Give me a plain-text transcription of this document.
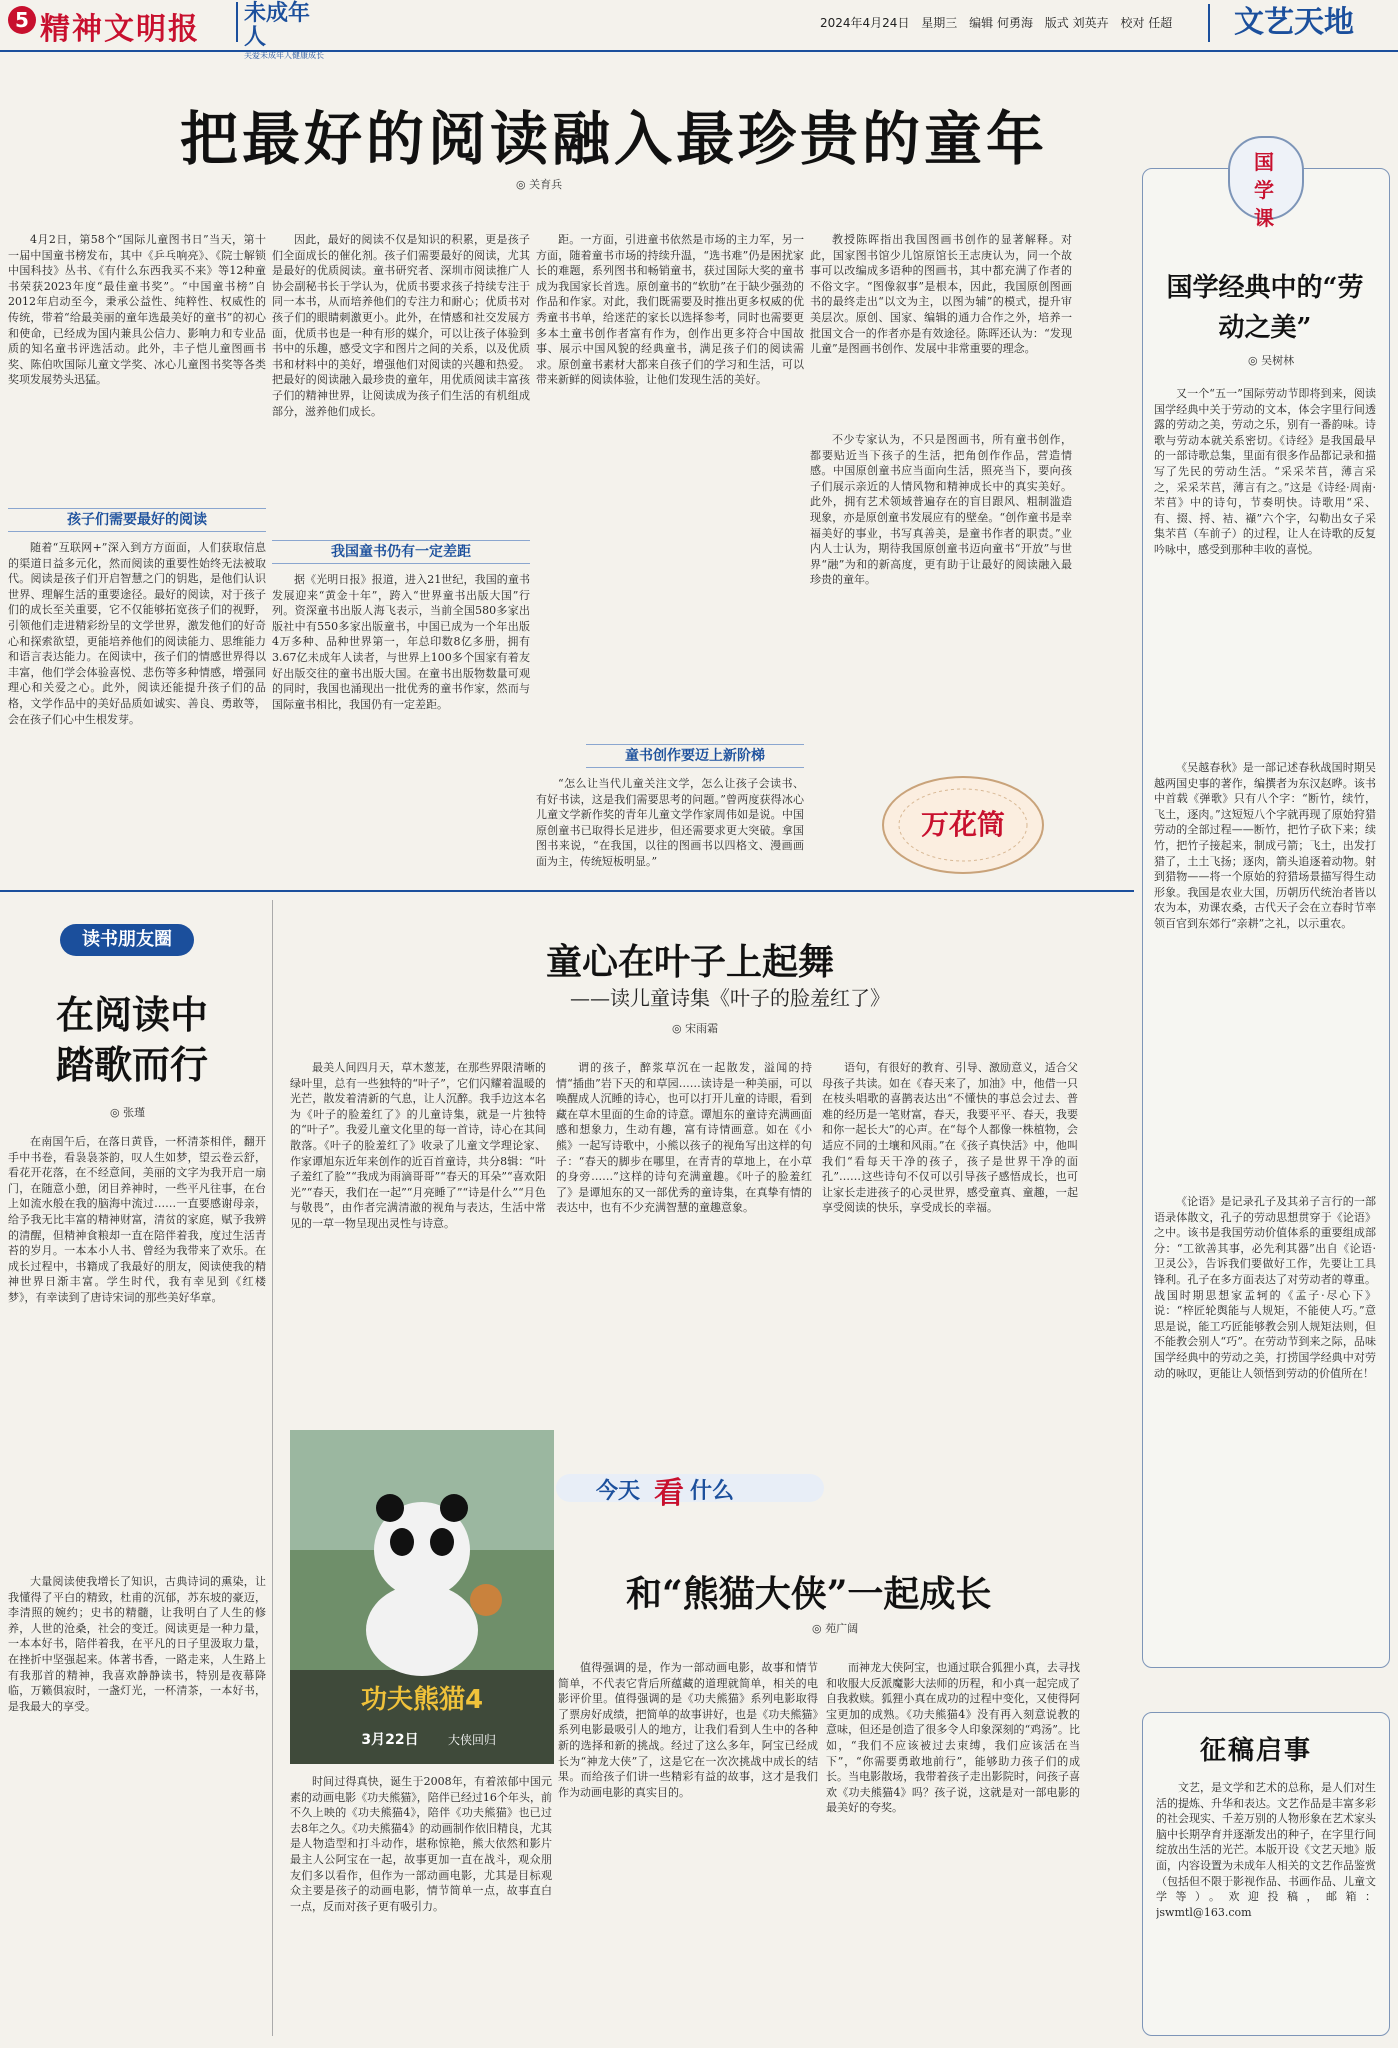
5 精神文明报 未成年人
关爱未成年人健康成长
2024年4月24日 星期三 编辑 何勇海 版式 刘英卉 校对 任超	文艺天地
把最好的阅读融入最珍贵的童年
◎ 关育兵

4月2日，第58个“国际儿童图书日”当天，第十一届中国童书榜发布，其中《乒乓响亮》、《院士解锁中国科技》丛书、《有什么东西我买不来》等12种童书荣获2023年度“最佳童书奖”。“中国童书榜”自2012年启动至今，秉承公益性、纯粹性、权威性的传统，带着“给最美丽的童年选最美好的童书”的初心和使命，已经成为国内兼具公信力、影响力和专业品质的知名童书评选活动。此外，丰子恺儿童图画书奖、陈伯吹国际儿童文学奖、冰心儿童图书奖等各类奖项发展势头迅猛。

孩子们需要最好的阅读

随着“互联网+”深入到方方面面，人们获取信息的渠道日益多元化，然而阅读的重要性始终无法被取代。阅读是孩子们开启智慧之门的钥匙，是他们认识世界、理解生活的重要途径。最好的阅读，对于孩子们的成长至关重要，它不仅能够拓宽孩子们的视野，引领他们走进精彩纷呈的文学世界，激发他们的好奇心和探索欲望，更能培养他们的阅读能力、思维能力和语言表达能力。在阅读中，孩子们的情感世界得以丰富，他们学会体验喜悦、悲伤等多种情感，增强同理心和关爱之心。此外，阅读还能提升孩子们的品格，文学作品中的美好品质如诚实、善良、勇敢等，会在孩子们心中生根发芽。

因此，最好的阅读不仅是知识的积累，更是孩子们全面成长的催化剂。孩子们需要最好的阅读，尤其是最好的优质阅读。童书研究者、深圳市阅读推广人协会副秘书长于学认为，优质书要求孩子持续专注于同一本书，从而培养他们的专注力和耐心；优质书对孩子们的眼睛刺激更小。此外，在情感和社交发展方面，优质书也是一种有形的媒介，可以让孩子体验到书中的乐趣，感受文字和图片之间的关系，以及优质书和材料中的美好，增强他们对阅读的兴趣和热爱。把最好的阅读融入最珍贵的童年，用优质阅读丰富孩子们的精神世界，让阅读成为孩子们生活的有机组成部分，滋养他们成长。

我国童书仍有一定差距

据《光明日报》报道，进入21世纪，我国的童书发展迎来“黄金十年”，跨入“世界童书出版大国”行列。资深童书出版人海飞表示，当前全国580多家出版社中有550多家出版童书，中国已成为一个年出版4万多种、品种世界第一，年总印数8亿多册，拥有3.67亿未成年人读者，与世界上100多个国家有着友好出版交往的童书出版大国。在童书出版物数量可观的同时，我国也涌现出一批优秀的童书作家，然而与国际童书相比，我国仍有一定差距。

距。一方面，引进童书依然是市场的主力军，另一方面，随着童书市场的持续升温，“选书难”仍是困扰家长的难题，系列图书和畅销童书，获过国际大奖的童书成为我国家长首选。原创童书的“软肋”在于缺少强劲的作品和作家。对此，我们既需要及时推出更多权威的优秀童书书单，给迷茫的家长以选择参考，同时也需要更多本土童书创作者富有作为，创作出更多符合中国故事、展示中国风貌的经典童书，满足孩子们的阅读需求。原创童书素材大都来自孩子们的学习和生活，可以带来新鲜的阅读体验，让他们发现生活的美好。

童书创作要迈上新阶梯

“怎么让当代儿童关注文学，怎么让孩子会读书、有好书读，这是我们需要思考的问题。”曾两度获得冰心儿童文学新作奖的青年儿童文学作家周伟如是说。中国原创童书已取得长足进步，但还需要求更大突破。拿国图书来说，“在我国，以往的图画书以四格文、漫画画面为主，传统短板明显。”

教授陈晖指出我国图画书创作的显著解释。对此，国家图书馆少儿馆原馆长王志庚认为，同一个故事可以改编成多语种的图画书，其中都充满了作者的不俗文字。“图像叙事”是根本，因此，我国原创图画书的最终走出“以文为主，以图为辅”的模式，提升审美层次。原创、国家、编辑的通力合作之外，培养一批国文合一的作者亦是有效途径。陈晖还认为：“发现儿童”是图画书创作、发展中非常重要的理念。

不少专家认为，不只是图画书，所有童书创作，都要贴近当下孩子的生活，把角创作作品，营造情感。中国原创童书应当面向生活，照亮当下，要向孩子们展示亲近的人情风物和精神成长中的真实美好。此外，拥有艺术领域普遍存在的盲目跟风、粗制滥造现象，亦是原创童书发展应有的壁垒。“创作童书是幸福美好的事业，书写真善美，是童书作者的职责。”业内人士认为，期待我国原创童书迈向童书“开放”与世界“融”为和的新高度，更有助于让最好的阅读融入最珍贵的童年。

万花筒
国学课
国学经典中的“劳动之美”
◎ 吴树林

又一个“五一”国际劳动节即将到来，阅读国学经典中关于劳动的文本，体会字里行间透露的劳动之美，劳动之乐，别有一番韵味。诗歌与劳动本就关系密切。《诗经》是我国最早的一部诗歌总集，里面有很多作品都记录和描写了先民的劳动生活。“采采芣苢，薄言采之，采采芣苢，薄言有之。”这是《诗经·周南·芣苢》中的诗句，节奏明快。诗歌用“采、有、掇、捋、袺、襭”六个字，勾勒出女子采集芣苢（车前子）的过程，让人在诗歌的反复吟咏中，感受到那种丰收的喜悦。

《吴越春秋》是一部记述春秋战国时期吴越两国史事的著作，编撰者为东汉赵晔。该书中首载《弹歌》只有八个字：“断竹，续竹，飞土，逐肉。”这短短八个字就再现了原始狩猎劳动的全部过程——断竹，把竹子砍下来；续竹，把竹子接起来，制成弓箭；飞土，出发打猎了，土土飞扬；逐肉，箭头追逐着动物。射到猎物——将一个原始的狩猎场景描写得生动形象。我国是农业大国，历朝历代统治者皆以农为本，劝课农桑，古代天子会在立春时节率领百官到东郊行“亲耕”之礼，以示重农。

《论语》是记录孔子及其弟子言行的一部语录体散文，孔子的劳动思想贯穿于《论语》之中。该书是我国劳动价值体系的重要组成部分：“工欲善其事，必先利其器”出自《论语·卫灵公》，告诉我们要做好工作，先要让工具锋利。孔子在多方面表达了对劳动者的尊重。战国时期思想家孟轲的《孟子·尽心下》说：“梓匠轮舆能与人规矩，不能使人巧。”意思是说，能工巧匠能够教会别人规矩法则，但不能教会别人“巧”。在劳动节到来之际，品味国学经典中的劳动之美，打捞国学经典中对劳动的咏叹，更能让人领悟到劳动的价值所在！

征稿启事

文艺，是文学和艺术的总称，是人们对生活的提炼、升华和表达。文艺作品是丰富多彩的社会现实、千差万别的人物形象在艺术家头脑中长期孕育并逐渐发出的种子，在字里行间绽放出生活的光芒。本版开设《文艺天地》版面，内容设置为未成年人相关的文艺作品鉴赏（包括但不限于影视作品、书画作品、儿童文学等）。欢迎投稿，邮箱：jswmtl@163.com

读书朋友圈
在阅读中
踏歌而行
◎ 张瑾

在南国午后，在落日黄昏，一杯清茶相伴，翻开手中书卷，看袅袅茶韵，叹人生如梦，望云卷云舒，看花开花落，在不经意间，美丽的文字为我开启一扇门，在随意小憩，闭目养神时，一些平凡往事，在台上如流水般在我的脑海中流过……一直要感谢母亲，给予我无比丰富的精神财富，清贫的家庭，赋予我辨的清醒，但精神食粮却一直在陪伴着我，度过生活青苔的岁月。一本本小人书、曾经为我带来了欢乐。在成长过程中，书籍成了我最好的朋友，阅读使我的精神世界日渐丰富。学生时代，我有幸见到《红楼梦》，有幸读到了唐诗宋词的那些美好华章。

大量阅读使我增长了知识，古典诗词的熏染，让我懂得了平白的精致，杜甫的沉郁，苏东坡的豪迈，李清照的婉约；史书的精髓，让我明白了人生的修养，人世的沧桑，社会的变迁。阅读更是一种力量，一本本好书，陪伴着我，在平凡的日子里汲取力量，在挫折中坚强起来。体著书香，一路走来，人生路上有我那首的精神，我喜欢静静读书，特别是夜幕降临，万籁俱寂时，一盏灯光，一杯清茶，一本好书，是我最大的享受。

童心在叶子上起舞
——读儿童诗集《叶子的脸羞红了》
◎ 宋雨霜

最美人间四月天，草木葱茏，在那些界限清晰的绿叶里，总有一些独特的“叶子”，它们闪耀着温暖的光芒，散发着清新的气息，让人沉醉。我手边这本名为《叶子的脸羞红了》的儿童诗集，就是一片独特的“叶子”。我爱儿童文化里的每一首诗，诗心在其间散落。《叶子的脸羞红了》收录了儿童文学理论家、作家谭旭东近年来创作的近百首童诗，共分8辑：“叶子羞红了脸”“我成为雨滴哥哥”“春天的耳朵”“喜欢阳光”“春天，我们在一起”“月亮睡了”“诗是什么”“月色与敬畏”，由作者完满清澈的视角与表达，生活中常见的一草一物呈现出灵性与诗意。

谓的孩子，醉浆草沉在一起散发，溢闻的持情“插曲”岩下天的和草园……读诗是一种美丽，可以唤醒成人沉睡的诗心，也可以打开儿童的诗眼，看到藏在草木里面的生命的诗意。谭旭东的童诗充满画面感和想象力，生动有趣，富有诗情画意。如在《小熊》一起写诗歌中，小熊以孩子的视角写出这样的句子：“春天的脚步在哪里，在青青的草地上，在小草的身旁……”这样的诗句充满童趣。《叶子的脸羞红了》是谭旭东的又一部优秀的童诗集，在真挚有情的表达中，也有不少充满智慧的童趣意象。

语句，有很好的教育、引导、激励意义，适合父母孩子共读。如在《春天来了，加油》中，他借一只在枝头唱歌的喜鹊表达出“不懂快的事总会过去、普难的经历是一笔财富，春天，我要平平、春天，我要和你一起长大”的心声。在“每个人都像一株植物，会适应不同的土壤和风雨。”在《孩子真快活》中，他叫我们“看每天干净的孩子，孩子是世界干净的面孔”……这些诗句不仅可以引导孩子感悟成长，也可让家长走进孩子的心灵世界，感受童真、童趣，一起享受阅读的快乐，享受成长的幸福。

功夫熊猫4
3月22日 大侠回归
今天 看 什么
和“熊猫大侠”一起成长
◎ 苑广阔

时间过得真快，诞生于2008年，有着浓郁中国元素的动画电影《功夫熊猫》，陪伴已经过16个年头，前不久上映的《功夫熊猫4》，陪伴《功夫熊猫》也已过去8年之久。《功夫熊猫4》的动画制作依旧精良，尤其是人物造型和打斗动作，堪称惊艳，熊大依然和影片最主人公阿宝在一起，故事更加一直在战斗，观众朋友们多以看作，但作为一部动画电影，尤其是目标观众主要是孩子的动画电影，情节简单一点，故事直白一点，反而对孩子更有吸引力。

值得强调的是，作为一部动画电影，故事和情节简单，不代表它背后所蕴藏的道理就简单，相关的电影评价里。值得强调的是《功夫熊猫》系列电影取得了票房好成绩，把简单的故事讲好，也是《功夫熊猫》系列电影最吸引人的地方，让我们看到人生中的各种新的选择和新的挑战。经过了这么多年，阿宝已经成长为“神龙大侠”了，这是它在一次次挑战中成长的结果。而给孩子们讲一些精彩有益的故事，这才是我们作为动画电影的真实目的。

而神龙大侠阿宝，也通过联合狐狸小真，去寻找和收服大反派魔影大法师的历程，和小真一起完成了自我救赎。狐狸小真在成功的过程中变化，又使得阿宝更加的成熟。《功夫熊猫4》没有再入刻意说教的意味，但还是创造了很多令人印象深刻的“鸡汤”。比如，“我们不应该被过去束缚，我们应该活在当下”，“你需要勇敢地前行”，能够助力孩子们的成长。当电影散场，我带着孩子走出影院时，问孩子喜欢《功夫熊猫4》吗？孩子说，这就是对一部电影的最美好的夸奖。
